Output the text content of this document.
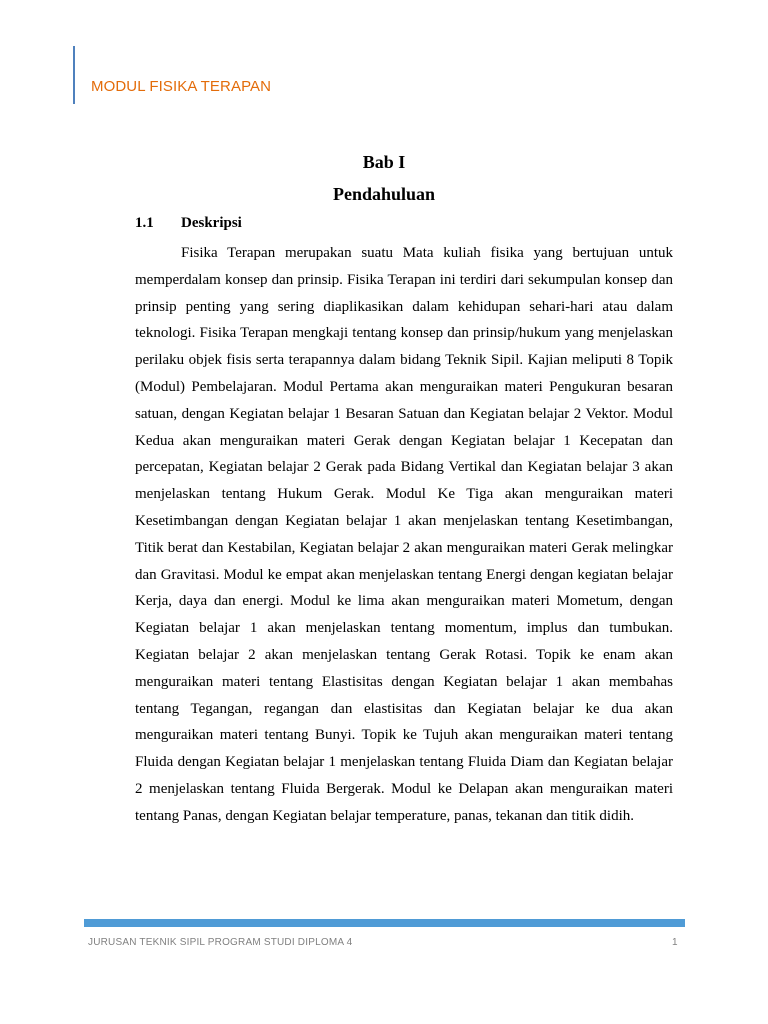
MODUL FISIKA TERAPAN
Bab I
Pendahuluan
1.1 Deskripsi

Fisika Terapan merupakan suatu Mata kuliah fisika yang bertujuan untuk memperdalam konsep dan prinsip. Fisika Terapan ini terdiri dari sekumpulan konsep dan prinsip penting yang sering diaplikasikan dalam kehidupan sehari-hari atau dalam teknologi. Fisika Terapan mengkaji tentang konsep dan prinsip/hukum yang menjelaskan perilaku objek fisis serta terapannya dalam bidang Teknik Sipil. Kajian meliputi 8 Topik (Modul) Pembelajaran. Modul Pertama akan menguraikan materi Pengukuran besaran satuan, dengan Kegiatan belajar 1 Besaran Satuan dan Kegiatan belajar 2 Vektor. Modul Kedua akan menguraikan materi Gerak dengan Kegiatan belajar 1 Kecepatan dan percepatan, Kegiatan belajar 2 Gerak pada Bidang Vertikal dan Kegiatan belajar 3 akan menjelaskan tentang Hukum Gerak. Modul Ke Tiga akan menguraikan materi Kesetimbangan dengan Kegiatan belajar 1 akan menjelaskan tentang Kesetimbangan, Titik berat dan Kestabilan, Kegiatan belajar 2 akan menguraikan materi Gerak melingkar dan Gravitasi. Modul ke empat akan menjelaskan tentang Energi dengan kegiatan belajar Kerja, daya dan energi. Modul ke lima akan menguraikan materi Mometum, dengan Kegiatan belajar 1 akan menjelaskan tentang momentum, implus dan tumbukan. Kegiatan belajar 2 akan menjelaskan tentang Gerak Rotasi. Topik ke enam akan menguraikan materi tentang Elastisitas dengan Kegiatan belajar 1 akan membahas tentang Tegangan, regangan dan elastisitas dan Kegiatan belajar ke dua akan menguraikan materi tentang Bunyi. Topik ke Tujuh akan menguraikan materi tentang Fluida dengan Kegiatan belajar 1 menjelaskan tentang Fluida Diam dan Kegiatan belajar 2 menjelaskan tentang Fluida Bergerak. Modul ke Delapan akan menguraikan materi tentang Panas, dengan Kegiatan belajar temperature, panas, tekanan dan titik didih.

JURUSAN TEKNIK SIPIL PROGRAM STUDI DIPLOMA 4	1
